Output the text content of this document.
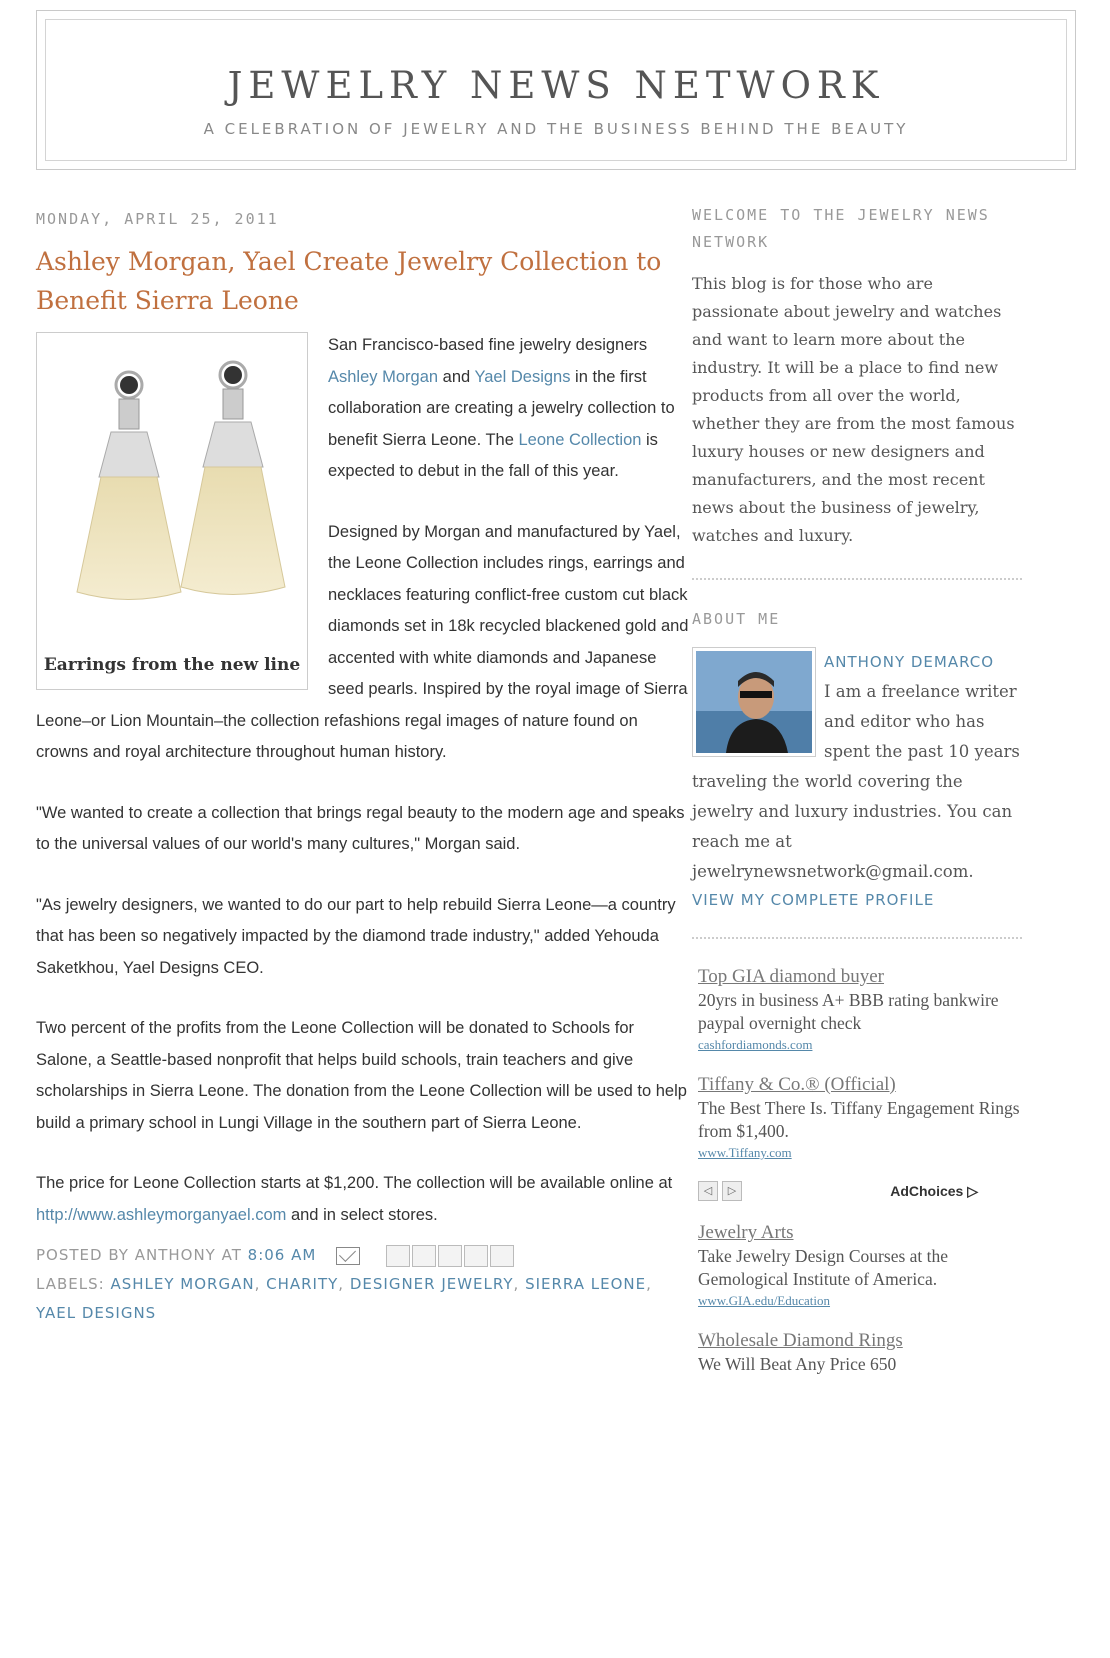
JEWELRY NEWS NETWORK
A CELEBRATION OF JEWELRY AND THE BUSINESS BEHIND THE BEAUTY
MONDAY, APRIL 25, 2011
Ashley Morgan, Yael Create Jewelry Collection to Benefit Sierra Leone
Earrings from the new line

San Francisco-based fine jewelry designers Ashley Morgan and Yael Designs in the first collaboration are creating a jewelry collection to benefit Sierra Leone. The Leone Collection is expected to debut in the fall of this year.

Designed by Morgan and manufactured by Yael, the Leone Collection includes rings, earrings and necklaces featuring conflict-free custom cut black diamonds set in 18k recycled blackened gold and accented with white diamonds and Japanese seed pearls. Inspired by the royal image of Sierra Leone–or Lion Mountain–the collection refashions regal images of nature found on crowns and royal architecture throughout human history.

"We wanted to create a collection that brings regal beauty to the modern age and speaks to the universal values of our world's many cultures," Morgan said.

"As jewelry designers, we wanted to do our part to help rebuild Sierra Leone—a country that has been so negatively impacted by the diamond trade industry," added Yehouda Saketkhou, Yael Designs CEO.

Two percent of the profits from the Leone Collection will be donated to Schools for Salone, a Seattle-based nonprofit that helps build schools, train teachers and give scholarships in Sierra Leone. The donation from the Leone Collection will be used to help build a primary school in Lungi Village in the southern part of Sierra Leone.

The price for Leone Collection starts at $1,200. The collection will be available online at http://www.ashleymorganyael.com and in select stores.

POSTED BY ANTHONY AT 8:06 AM
LABELS: ASHLEY MORGAN, CHARITY, DESIGNER JEWELRY, SIERRA LEONE, YAEL DESIGNS
WELCOME TO THE JEWELRY NEWS NETWORK
This blog is for those who are passionate about jewelry and watches and want to learn more about the industry. It will be a place to find new products from all over the world, whether they are from the most famous luxury houses or new designers and manufacturers, and the most recent news about the business of jewelry, watches and luxury.
ABOUT ME
ANTHONY DEMARCO
I am a freelance writer and editor who has spent the past 10 years traveling the world covering the jewelry and luxury industries. You can reach me at jewelrynewsnetwork@gmail.com.
VIEW MY COMPLETE PROFILE
Top GIA diamond buyer
20yrs in business A+ BBB rating bankwire paypal overnight check
cashfordiamonds.com
Tiffany & Co.® (Official)
The Best There Is. Tiffany Engagement Rings from $1,400.
www.Tiffany.com
◁ ▷	AdChoices ▷
Jewelry Arts
Take Jewelry Design Courses at the Gemological Institute of America.
www.GIA.edu/Education
Wholesale Diamond Rings
We Will Beat Any Price 650
